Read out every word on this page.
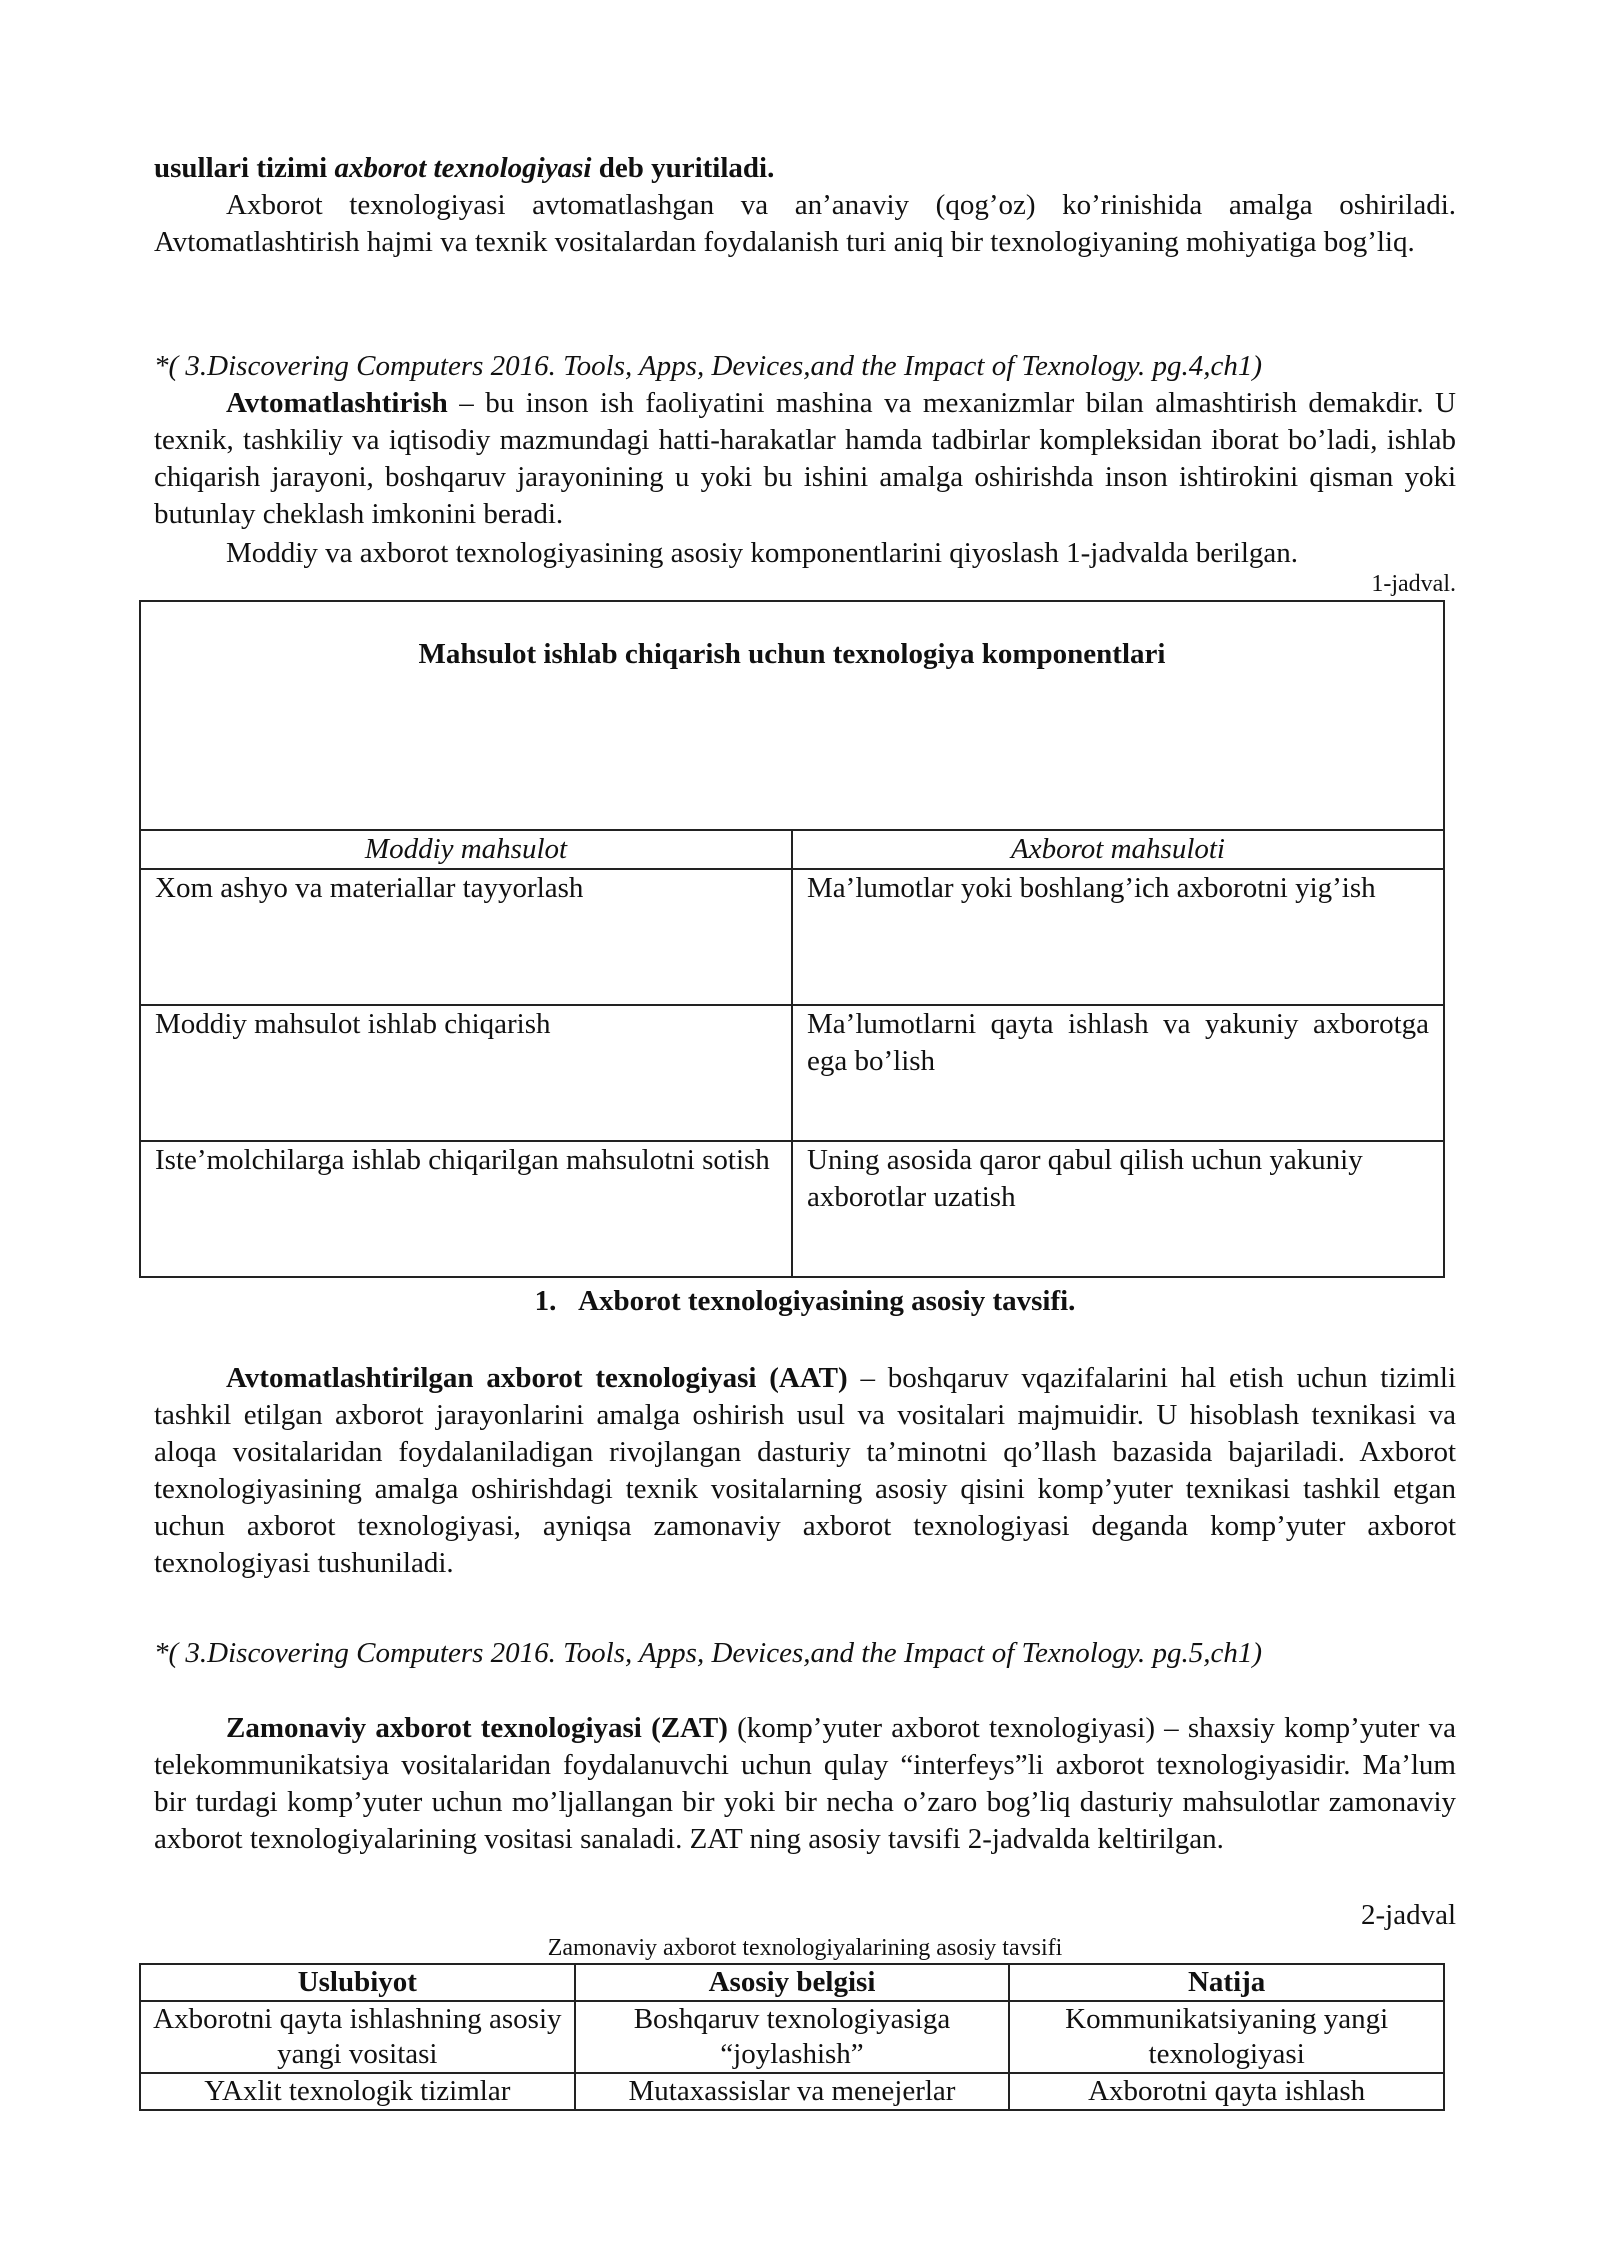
usullari tizimi axborot texnologiyasi deb yuritiladi.

Axborot texnologiyasi avtomatlashgan va an’anaviy (qog’oz) ko’rinishida amalga oshiriladi. Avtomatlashtirish hajmi va texnik vositalardan foydalanish turi aniq bir texnologiyaning mohiyatiga bog’liq.

*( 3.Discovering Computers 2016. Tools, Apps, Devices,and the Impact of Texnology. pg.4,ch1)

Avtomatlashtirish – bu inson ish faoliyatini mashina va mexanizmlar bilan almashtirish demakdir. U texnik, tashkiliy va iqtisodiy mazmundagi hatti-harakatlar hamda tadbirlar kompleksidan iborat bo’ladi, ishlab chiqarish jarayoni, boshqaruv jarayonining u yoki bu ishini amalga oshirishda inson ishtirokini qisman yoki butunlay cheklash imkonini beradi.

Moddiy va axborot texnologiyasining asosiy komponentlarini qiyoslash 1-jadvalda berilgan.

1-jadval.

Mahsulot ishlab chiqarish uchun texnologiya komponentlari	
Moddiy mahsulot	Axborot mahsuloti
Xom ashyo va materiallar tayyorlash	Ma’lumotlar yoki boshlang’ich axborotni yig’ish
Moddiy mahsulot ishlab chiqarish	Ma’lumotlarni qayta ishlash va yakuniy axborotga ega bo’lish
Iste’molchilarga ishlab chiqarilgan mahsulotni sotish	Uning asosida qaror qabul qilish uchun yakuniy axborotlar uzatish

1. Axborot texnologiyasining asosiy tavsifi.

Avtomatlashtirilgan axborot texnologiyasi (AAT) – boshqaruv vqazifalarini hal etish uchun tizimli tashkil etilgan axborot jarayonlarini amalga oshirish usul va vositalari majmuidir. U hisoblash texnikasi va aloqa vositalaridan foydalaniladigan rivojlangan dasturiy ta’minotni qo’llash bazasida bajariladi. Axborot texnologiyasining amalga oshirishdagi texnik vositalarning asosiy qisini komp’yuter texnikasi tashkil etgan uchun axborot texnologiyasi, ayniqsa zamonaviy axborot texnologiyasi deganda komp’yuter axborot texnologiyasi tushuniladi.

*( 3.Discovering Computers 2016. Tools, Apps, Devices,and the Impact of Texnology. pg.5,ch1)

Zamonaviy axborot texnologiyasi (ZAT) (komp’yuter axborot texnologiyasi) – shaxsiy komp’yuter va telekommunikatsiya vositalaridan foydalanuvchi uchun qulay “interfeys”li axborot texnologiyasidir. Ma’lum bir turdagi komp’yuter uchun mo’ljallangan bir yoki bir necha o’zaro bog’liq dasturiy mahsulotlar zamonaviy axborot texnologiyalarining vositasi sanaladi. ZAT ning asosiy tavsifi 2-jadvalda keltirilgan.

2-jadval

Zamonaviy axborot texnologiyalarining asosiy tavsifi

Uslubiyot	Asosiy belgisi	Natija
Axborotni qayta ishlashning asosiy yangi vositasi	Boshqaruv texnologiyasiga “joylashish”	Kommunikatsiyaning yangi texnologiyasi
YAxlit texnologik tizimlar	Mutaxassislar va menejerlar	Axborotni qayta ishlash
